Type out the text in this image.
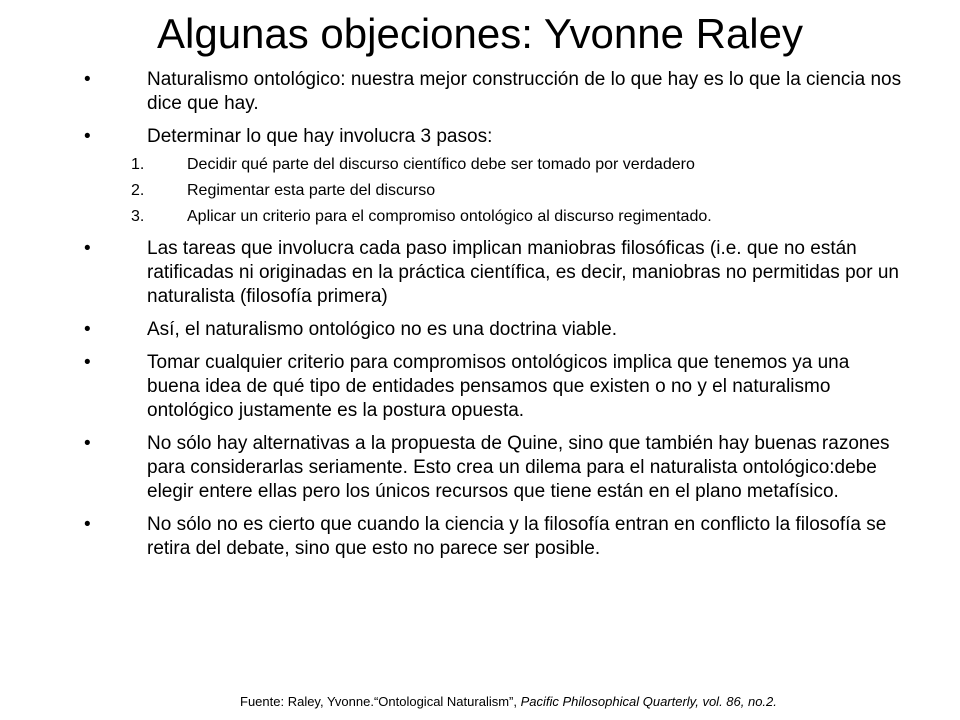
Algunas objeciones: Yvonne Raley
•	Naturalismo ontológico: nuestra mejor construcción de lo que hay es lo que la ciencia nos dice que hay.
•	Determinar lo que hay involucra 3 pasos:
1.	Decidir qué parte del discurso científico debe ser tomado por verdadero
2.	Regimentar esta parte del discurso
3.	Aplicar un criterio para el compromiso ontológico al discurso regimentado.
•	Las tareas que involucra cada paso implican maniobras filosóficas (i.e. que no están ratificadas ni originadas en la práctica científica, es decir, maniobras no permitidas por un naturalista (filosofía primera)
•	Así, el naturalismo ontológico no es una doctrina viable.
•	Tomar cualquier criterio para compromisos ontológicos implica que tenemos ya una buena idea de qué tipo de entidades pensamos que existen o no y el naturalismo ontológico justamente es la postura opuesta.
•	No sólo hay alternativas a la propuesta de Quine, sino que también hay buenas razones para considerarlas seriamente. Esto crea un dilema para el naturalista ontológico:debe elegir entere ellas pero los únicos recursos que tiene están en el plano metafísico.
•	No sólo no es cierto que cuando la ciencia y la filosofía entran en conflicto la filosofía se retira del debate, sino que esto no parece ser posible.
Fuente: Raley, Yvonne.“Ontological Naturalism”, Pacific Philosophical Quarterly, vol. 86, no.2.
